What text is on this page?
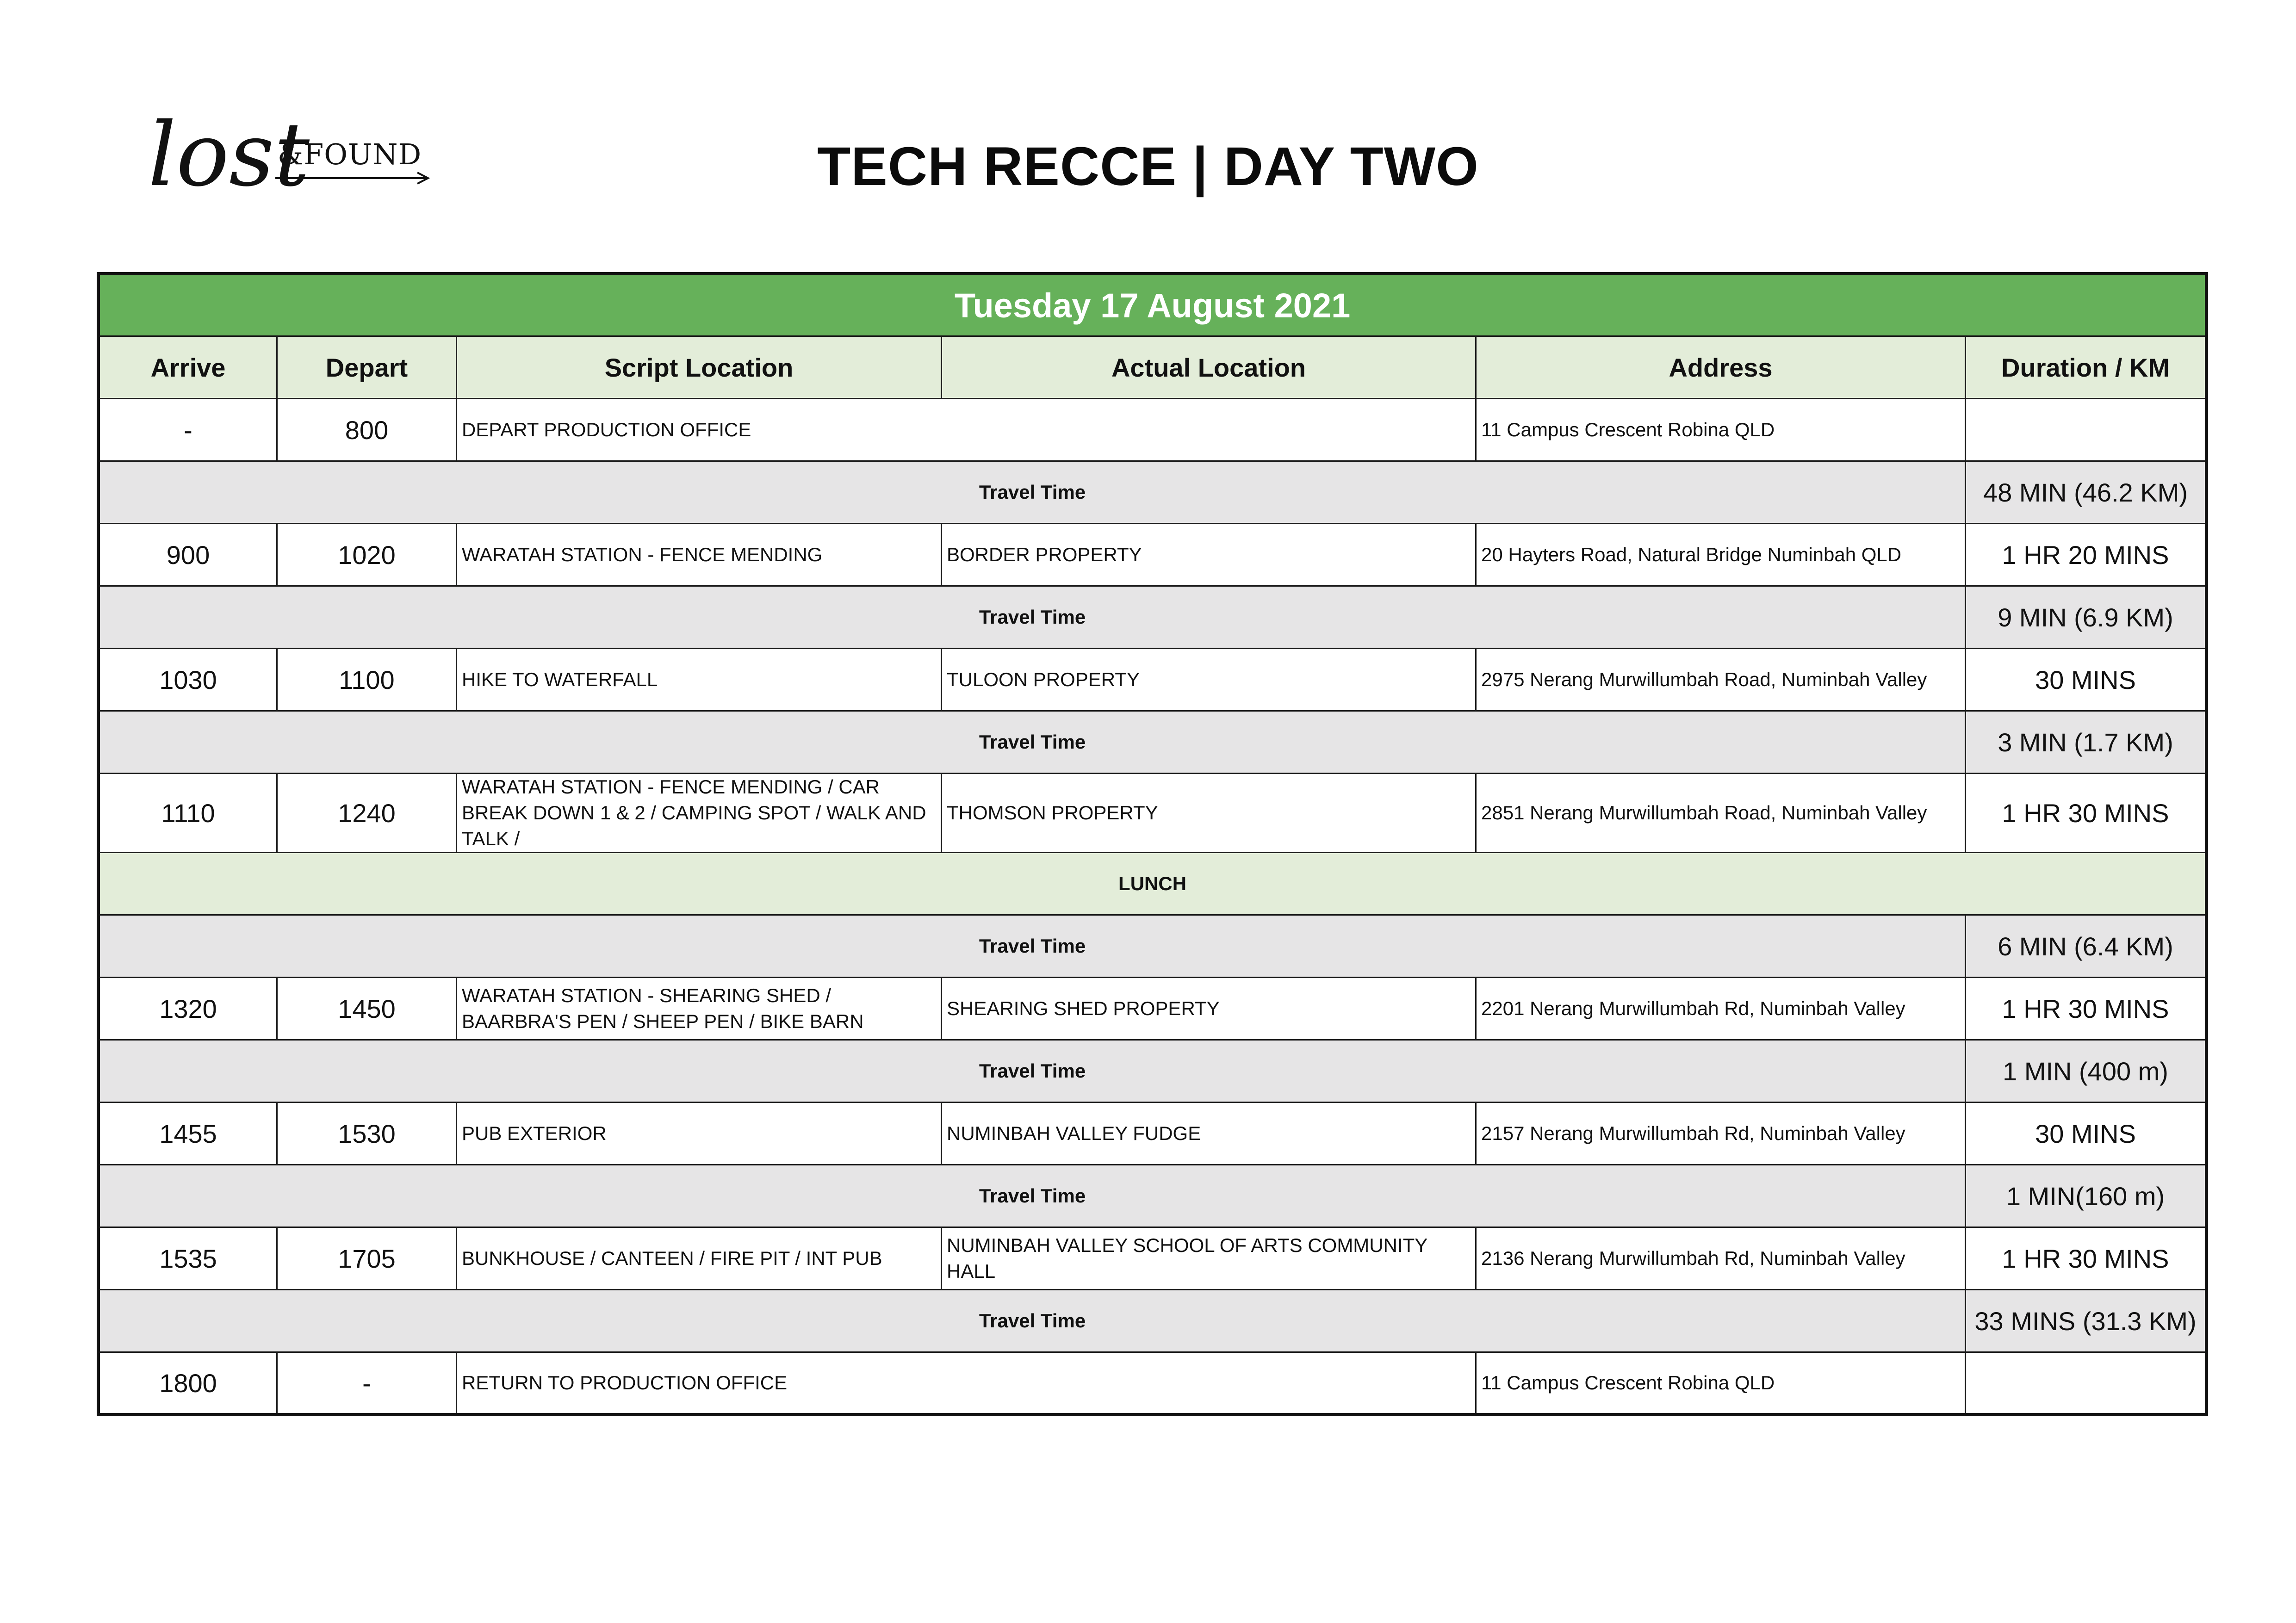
lost
&FOUND	TECH RECCE | DAY TWO
Tuesday 17 August 2021					
Arrive	Depart	Script Location	Actual Location	Address	Duration / KM
-	800	DEPART PRODUCTION OFFICE		11 Campus Crescent Robina QLD	
Travel Time					48 MIN (46.2 KM)
900	1020	WARATAH STATION - FENCE MENDING	BORDER PROPERTY	20 Hayters Road, Natural Bridge Numinbah QLD	1 HR 20 MINS
Travel Time					9 MIN (6.9 KM)
1030	1100	HIKE TO WATERFALL	TULOON PROPERTY	2975 Nerang Murwillumbah Road, Numinbah Valley	30 MINS
Travel Time					3 MIN (1.7 KM)
1110	1240	WARATAH STATION - FENCE MENDING / CAR BREAK DOWN 1 & 2 / CAMPING SPOT / WALK AND TALK /	THOMSON PROPERTY	2851 Nerang Murwillumbah Road, Numinbah Valley	1 HR 30 MINS
LUNCH					
Travel Time					6 MIN (6.4 KM)
1320	1450	WARATAH STATION - SHEARING SHED / BAARBRA'S PEN / SHEEP PEN / BIKE BARN	SHEARING SHED PROPERTY	2201 Nerang Murwillumbah Rd, Numinbah Valley	1 HR 30 MINS
Travel Time					1 MIN (400 m)
1455	1530	PUB EXTERIOR	NUMINBAH VALLEY FUDGE	2157 Nerang Murwillumbah Rd, Numinbah Valley	30 MINS
Travel Time					1 MIN(160 m)
1535	1705	BUNKHOUSE / CANTEEN / FIRE PIT / INT PUB	NUMINBAH VALLEY SCHOOL OF ARTS COMMUNITY HALL	2136 Nerang Murwillumbah Rd, Numinbah Valley	1 HR 30 MINS
Travel Time					33 MINS (31.3 KM)
1800	-	RETURN TO PRODUCTION OFFICE		11 Campus Crescent Robina QLD	
